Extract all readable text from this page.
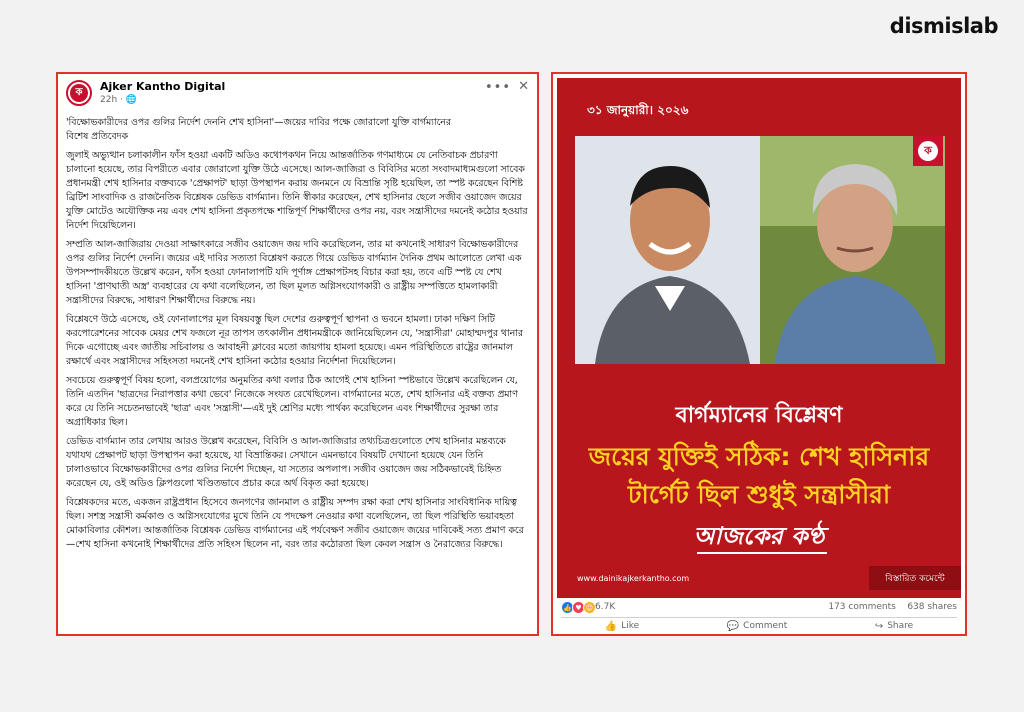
dismislab
ক	Ajker Kantho Digital
22h · 🌐
••• ✕

'বিক্ষোভকারীদের ওপর গুলির নির্দেশ দেননি শেখ হাসিনা'—জয়ের দাবির পক্ষে জোরালো যুক্তি বার্গম্যানের

বিশেষ প্রতিবেদক

জুলাই অভ্যুত্থান চলাকালীন ফাঁস হওয়া একটি অডিও কথোপকথন নিয়ে আন্তর্জাতিক গণমাধ্যমে যে নেতিবাচক প্রচারণা চালানো হয়েছে, তার বিপরীতে এবার জোরালো যুক্তি উঠে এসেছে। আল-জাজিরা ও বিবিসির মতো সংবাদমাধ্যমগুলো সাবেক প্রধানমন্ত্রী শেখ হাসিনার বক্তব্যকে 'প্রেক্ষাপট' ছাড়া উপস্থাপন করায় জনমনে যে বিভ্রান্তি সৃষ্টি হয়েছিল, তা স্পষ্ট করেছেন বিশিষ্ট ব্রিটিশ সাংবাদিক ও রাজনৈতিক বিশ্লেষক ডেভিড বার্গম্যান। তিনি স্বীকার করেছেন, শেখ হাসিনার ছেলে সজীব ওয়াজেদ জয়ের যুক্তি মোটেও অযৌক্তিক নয় এবং শেখ হাসিনা প্রকৃতপক্ষে শান্তিপূর্ণ শিক্ষার্থীদের ওপর নয়, বরং সন্ত্রাসীদের দমনেই কঠোর হওয়ার নির্দেশ দিয়েছিলেন।

সম্প্রতি আল-জাজিরায় দেওয়া সাক্ষাৎকারে সজীব ওয়াজেদ জয় দাবি করেছিলেন, তার মা কখনোই সাধারণ বিক্ষোভকারীদের ওপর গুলির নির্দেশ দেননি। জয়ের এই দাবির সত্যতা বিশ্লেষণ করতে গিয়ে ডেভিড বার্গম্যান দৈনিক প্রথম আলোতে লেখা এক উপসম্পাদকীয়তে উল্লেখ করেন, ফাঁস হওয়া ফোনালাপটি যদি পূর্ণাঙ্গ প্রেক্ষাপটসহ বিচার করা হয়, তবে এটি স্পষ্ট যে শেখ হাসিনা 'প্রাণঘাতী অস্ত্র' ব্যবহারের যে কথা বলেছিলেন, তা ছিল মূলত অগ্নিসংযোগকারী ও রাষ্ট্রীয় সম্পত্তিতে হামলাকারী সন্ত্রাসীদের বিরুদ্ধে, সাধারণ শিক্ষার্থীদের বিরুদ্ধে নয়।

বিশ্লেষণে উঠে এসেছে, ওই ফোনালাপের মূল বিষয়বস্তু ছিল দেশের গুরুত্বপূর্ণ স্থাপনা ও ভবনে হামলা। ঢাকা দক্ষিণ সিটি করপোরেশনের সাবেক মেয়র শেখ ফজলে নূর তাপস তৎকালীন প্রধানমন্ত্রীকে জানিয়েছিলেন যে, 'সন্ত্রাসীরা' মোহাম্মদপুর থানার দিকে এগোচ্ছে এবং জাতীয় সচিবালয় ও আবাহনী ক্লাবের মতো জায়গায় হামলা হয়েছে। এমন পরিস্থিতিতে রাষ্ট্রের জানমাল রক্ষার্থে এবং সন্ত্রাসীদের সহিংসতা দমনেই শেখ হাসিনা কঠোর হওয়ার নির্দেশনা দিয়েছিলেন।

সবচেয়ে গুরুত্বপূর্ণ বিষয় হলো, বলপ্রয়োগের অনুমতির কথা বলার ঠিক আগেই শেখ হাসিনা স্পষ্টভাবে উল্লেখ করেছিলেন যে, তিনি এতদিন 'ছাত্রদের নিরাপত্তার কথা ভেবে' নিজেকে সংযত রেখেছিলেন। বার্গম্যানের মতে, শেখ হাসিনার এই বক্তব্য প্রমাণ করে যে তিনি সচেতনভাবেই 'ছাত্র' এবং 'সন্ত্রাসী'—এই দুই শ্রেণির মধ্যে পার্থক্য করেছিলেন এবং শিক্ষার্থীদের সুরক্ষা তার অগ্রাধিকার ছিল।

ডেভিড বার্গম্যান তার লেখায় আরও উল্লেখ করেছেন, বিবিসি ও আল-জাজিরার তথ্যচিত্রগুলোতে শেখ হাসিনার মন্তব্যকে যথাযথ প্রেক্ষাপট ছাড়া উপস্থাপন করা হয়েছে, যা বিভ্রান্তিকর। সেখানে এমনভাবে বিষয়টি দেখানো হয়েছে যেন তিনি ঢালাওভাবে বিক্ষোভকারীদের ওপর গুলির নির্দেশ দিচ্ছেন, যা সত্যের অপলাপ। সজীব ওয়াজেদ জয় সঠিকভাবেই চিহ্নিত করেছেন যে, ওই অডিও ক্লিপগুলো খণ্ডিতভাবে প্রচার করে অর্থ বিকৃত করা হয়েছে।

বিশ্লেষকদের মতে, একজন রাষ্ট্রপ্রধান হিসেবে জনগণের জানমাল ও রাষ্ট্রীয় সম্পদ রক্ষা করা শেখ হাসিনার সাংবিধানিক দায়িত্ব ছিল। সশস্ত্র সন্ত্রাসী কর্মকাণ্ড ও অগ্নিসংযোগের মুখে তিনি যে পদক্ষেপ নেওয়ার কথা বলেছিলেন, তা ছিল পরিস্থিতি ভয়াবহতা মোকাবিলার কৌশল। আন্তর্জাতিক বিশ্লেষক ডেভিড বার্গম্যানের এই পর্যবেক্ষণ সজীব ওয়াজেদ জয়ের দাবিকেই সত্য প্রমাণ করে—শেখ হাসিনা কখনোই শিক্ষার্থীদের প্রতি সহিংস ছিলেন না, বরং তার কঠোরতা ছিল কেবল সন্ত্রাস ও নৈরাজ্যের বিরুদ্ধে।

৩১ জানুয়ারী। ২০২৬
ক
বার্গম্যানের বিশ্লেষণ
জয়ের যুক্তিই সঠিক: শেখ হাসিনার
টার্গেট ছিল শুধুই সন্ত্রাসীরা
আজকের কণ্ঠ
www.dainikajkerkantho.com	বিস্তারিত কমেন্টে
👍 ♥ ☺ 6.7K	173 comments 638 shares
👍 Like	💬 Comment	↪ Share
